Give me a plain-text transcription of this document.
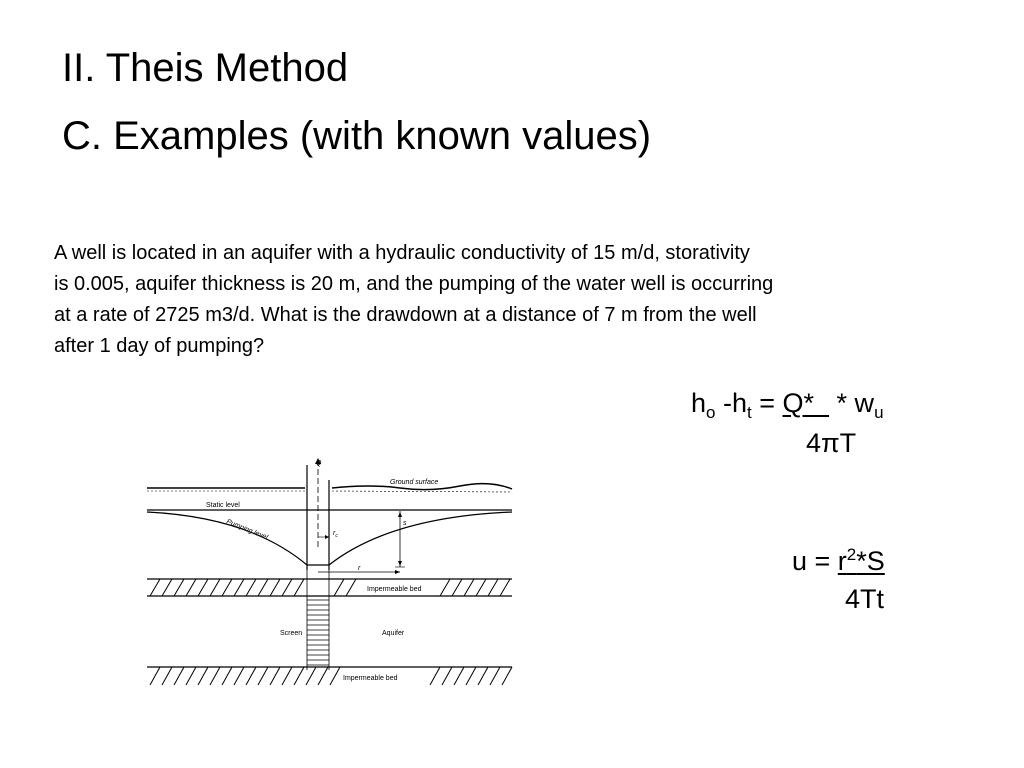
II. Theis Method
C. Examples (with known values)
A well is located in an aquifer with a hydraulic conductivity of 15 m/d, storativity
is 0.005, aquifer thickness is 20 m, and the pumping of the water well is occurring
at a rate of 2725 m3/d. What is the drawdown at a distance of 7 m from the well
after 1 day of pumping?
$h_o$ $-h_t = Q* * w_u$
4πT
$u = r^2*S$
4Tt
Q
Ground surface
Static level
Pumping level	$r_c$
s
r
Impermeable bed
Screen	Aquifer
Impermeable bed
